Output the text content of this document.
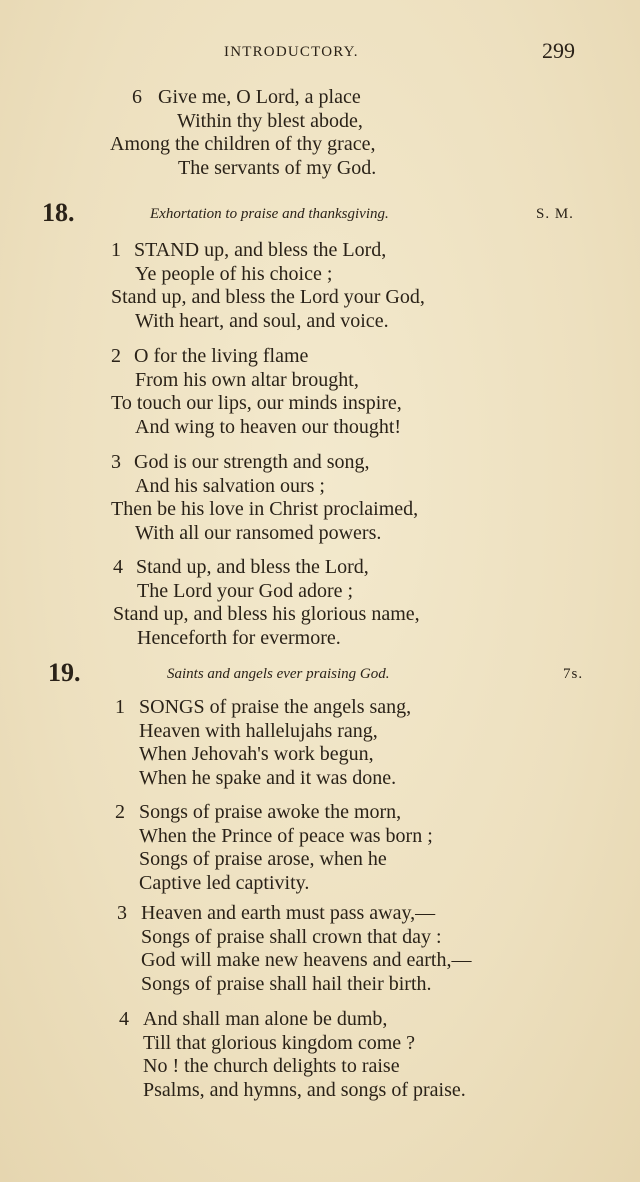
INTRODUCTORY.	299
6 Give me, O Lord, a place
Within thy blest abode,
Among the children of thy grace,
The servants of my God.
18.	Exhortation to praise and thanksgiving.	S. M.
1 STAND up, and bless the Lord,
Ye people of his choice ;
Stand up, and bless the Lord your God,
With heart, and soul, and voice.
2 O for the living flame
From his own altar brought,
To touch our lips, our minds inspire,
And wing to heaven our thought!
3 God is our strength and song,
And his salvation ours ;
Then be his love in Christ proclaimed,
With all our ransomed powers.
4 Stand up, and bless the Lord,
The Lord your God adore ;
Stand up, and bless his glorious name,
Henceforth for evermore.
19.	Saints and angels ever praising God.	7s.
1 SONGS of praise the angels sang,
Heaven with hallelujahs rang,
When Jehovah's work begun,
When he spake and it was done.
2 Songs of praise awoke the morn,
When the Prince of peace was born ;
Songs of praise arose, when he
Captive led captivity.
3 Heaven and earth must pass away,—
Songs of praise shall crown that day :
God will make new heavens and earth,—
Songs of praise shall hail their birth.
4 And shall man alone be dumb,
Till that glorious kingdom come ?
No ! the church delights to raise
Psalms, and hymns, and songs of praise.
